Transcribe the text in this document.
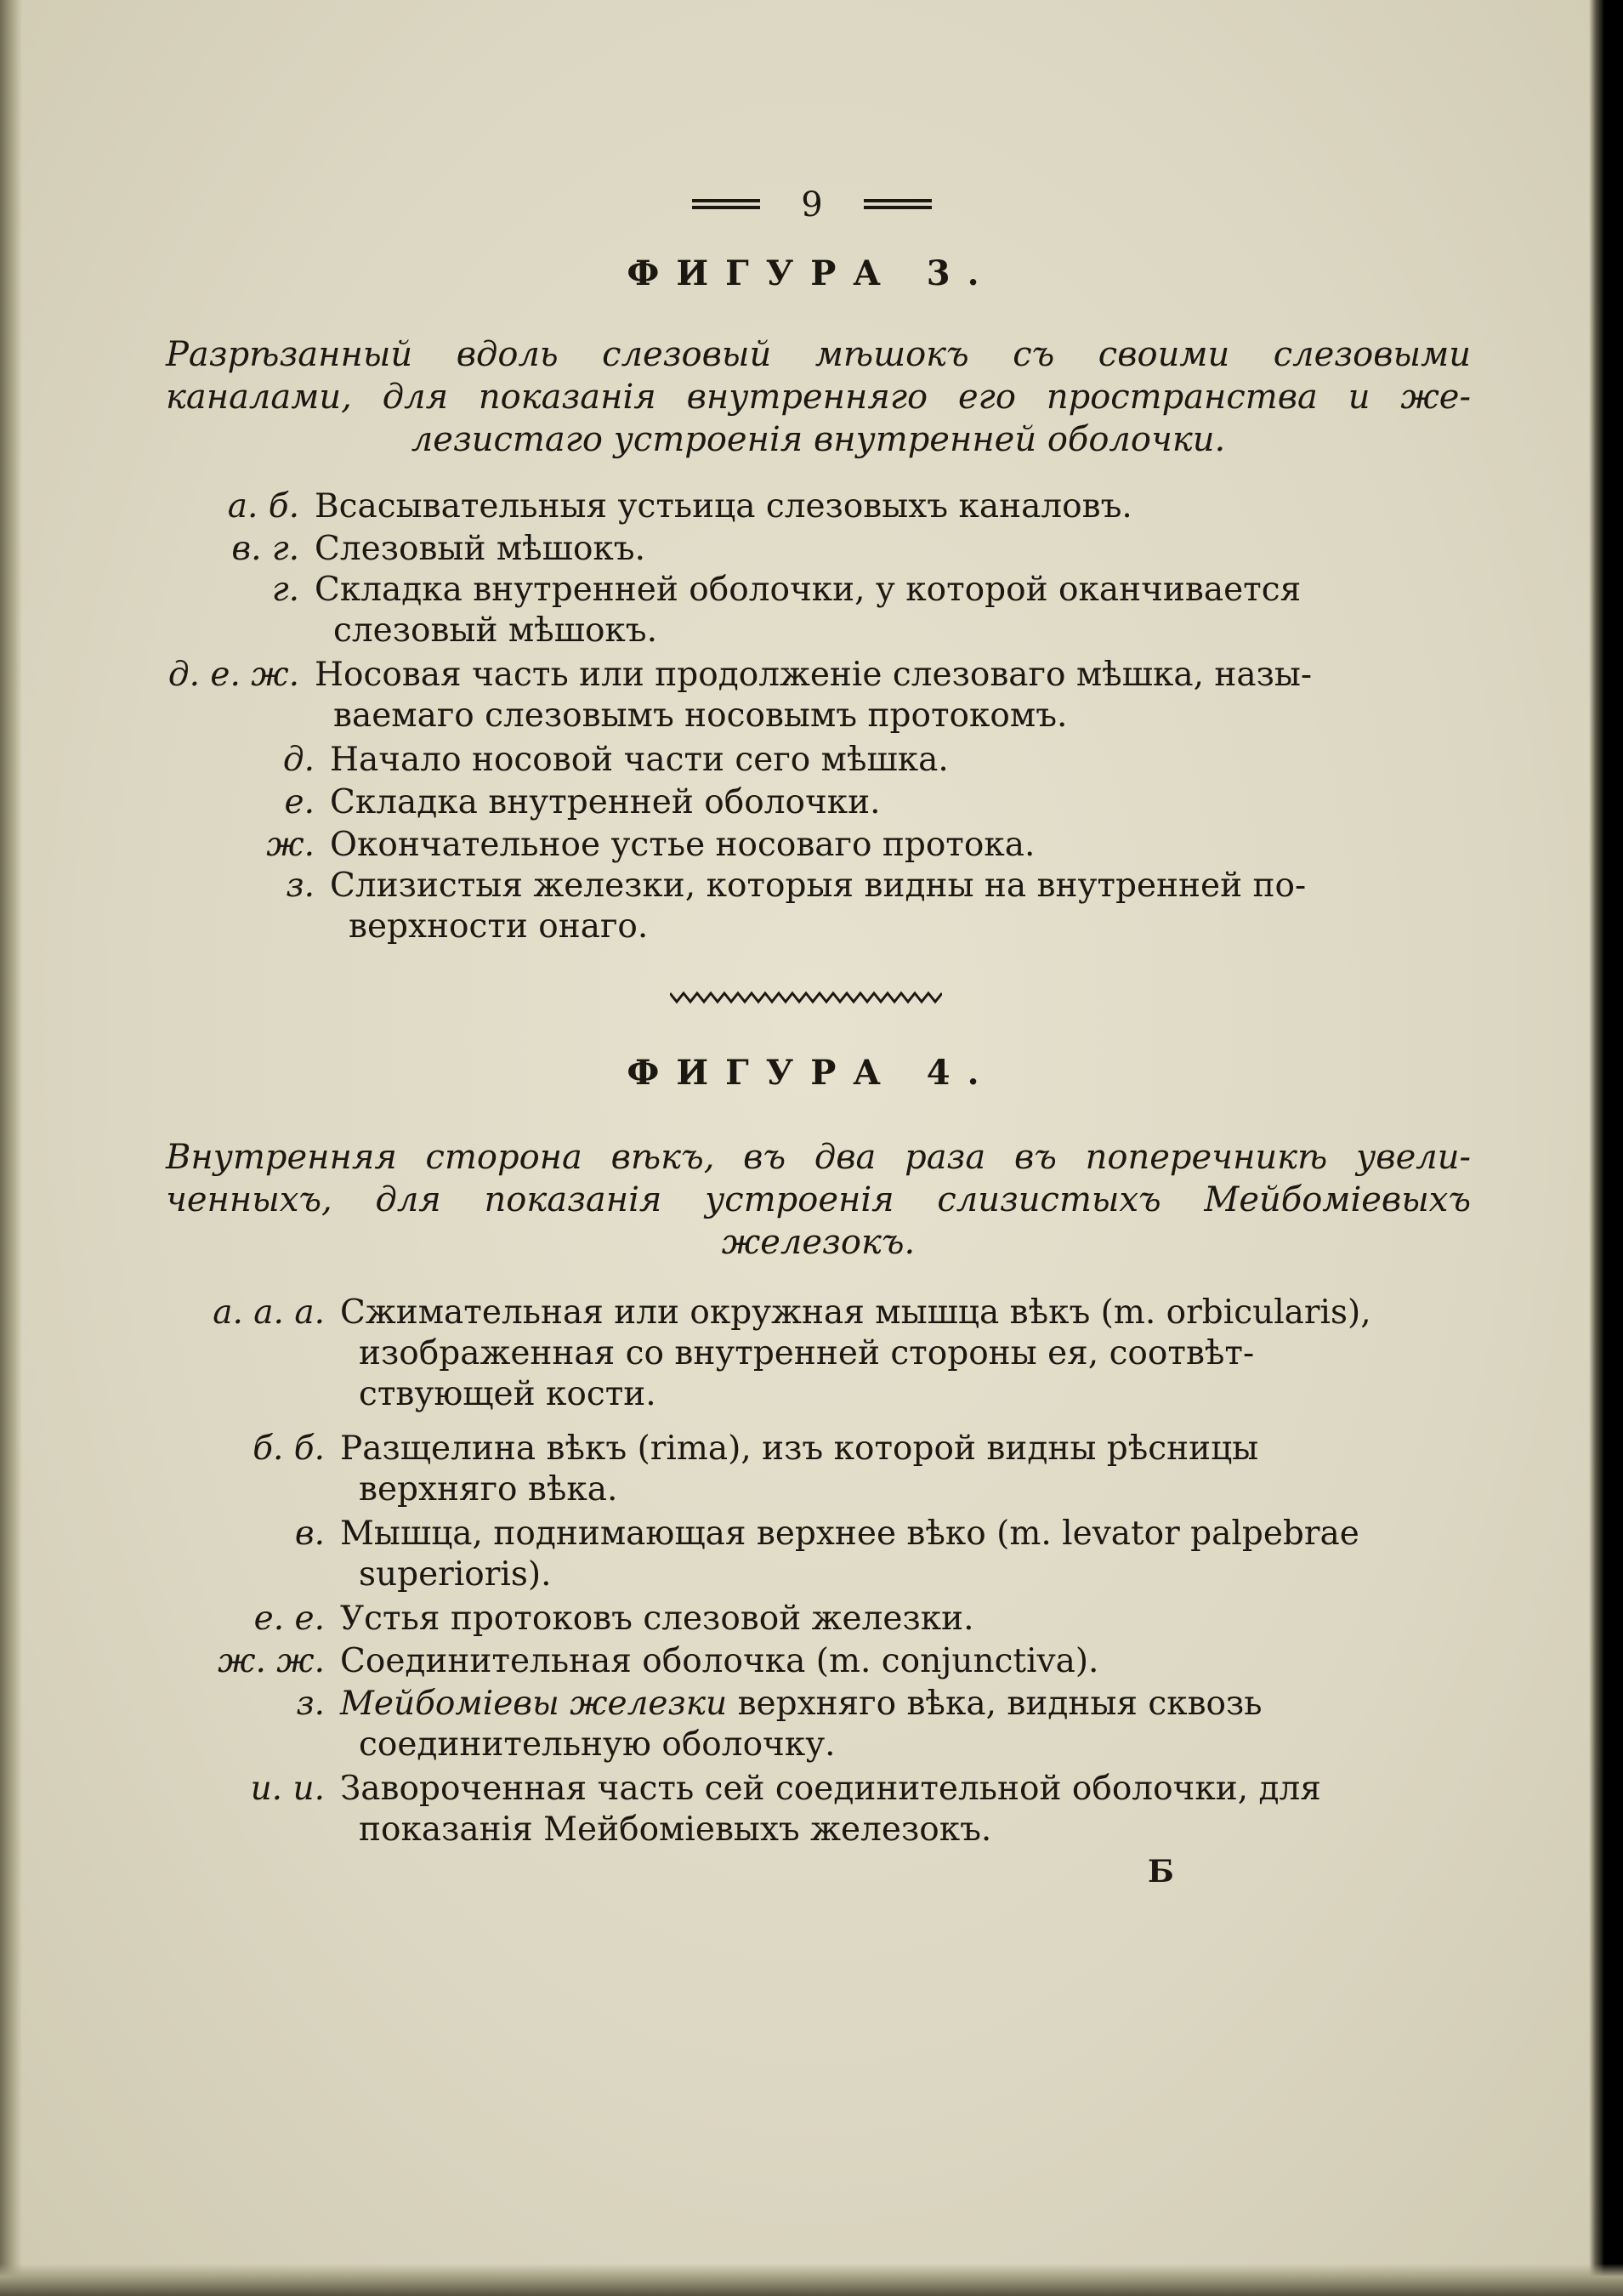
9
ФИГУРА 3.
Разрѣзанный вдоль слезовый мѣшокъ съ своими слезовыми
каналами, для показанія внутренняго его пространства и же-
лезистаго устроенія внутренней оболочки.
а. б. Всасывательныя устьица слезовыхъ каналовъ.
в. г. Слезовый мѣшокъ.
г. Складка внутренней оболочки, у которой оканчивается
слезовый мѣшокъ.
д. е. ж. Носовая часть или продолженіе слезоваго мѣшка, назы-
ваемаго слезовымъ носовымъ протокомъ.
д. Начало носовой части сего мѣшка.
е. Складка внутренней оболочки.
ж. Окончательное устье носоваго протока.
з. Слизистыя железки, которыя видны на внутренней по-
верхности онаго.
ФИГУРА 4.
Внутренняя сторона вѣкъ, въ два раза въ поперечникѣ увели-
ченныхъ, для показанія устроенія слизистыхъ Мейбоміевыхъ
железокъ.
а. а. а. Сжимательная или окружная мышца вѣкъ (m. orbicularis),
изображенная со внутренней стороны ея, соотвѣт-
ствующей кости.
б. б. Разщелина вѣкъ (rima), изъ которой видны рѣсницы
верхняго вѣка.
в. Мышца, поднимающая верхнее вѣко (m. levator palpebrae
superioris).
е. е. Устья протоковъ слезовой железки.
ж. ж. Соединительная оболочка (m. conjunctiva).
з. Мейбоміевы железки верхняго вѣка, видныя сквозь
соединительную оболочку.
и. и. Завороченная часть сей соединительной оболочки, для
показанія Мейбоміевыхъ железокъ.
Б
